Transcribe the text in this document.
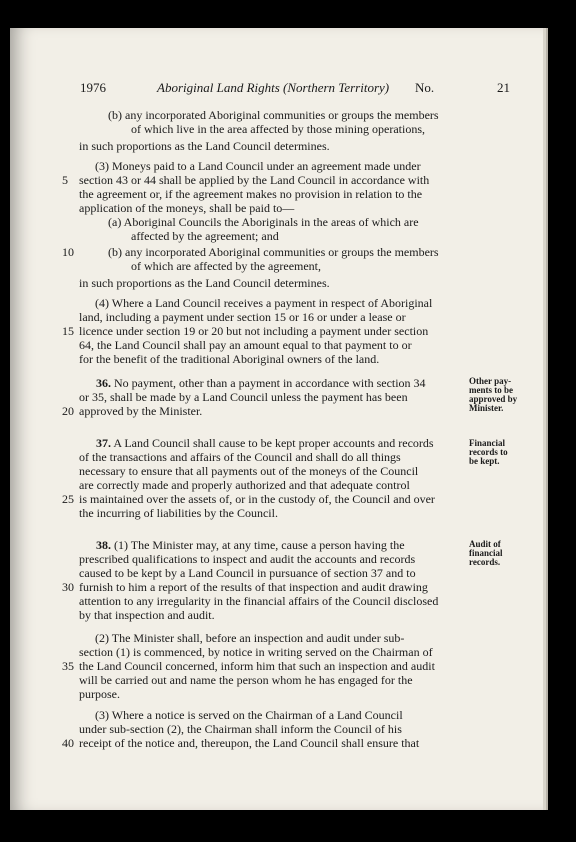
1976	Aboriginal Land Rights (Northern Territory) No.	21
(b) any incorporated Aboriginal communities or groups the members
of which live in the area affected by those mining operations,
in such proportions as the Land Council determines.
(3) Moneys paid to a Land Council under an agreement made under
section 43 or 44 shall be applied by the Land Council in accordance with
the agreement or, if the agreement makes no provision in relation to the
application of the moneys, shall be paid to—
(a) Aboriginal Councils the Aboriginals in the areas of which are
affected by the agreement; and
(b) any incorporated Aboriginal communities or groups the members
of which are affected by the agreement,
in such proportions as the Land Council determines.
(4) Where a Land Council receives a payment in respect of Aboriginal
land, including a payment under section 15 or 16 or under a lease or
licence under section 19 or 20 but not including a payment under section
64, the Land Council shall pay an amount equal to that payment to or
for the benefit of the traditional Aboriginal owners of the land.
36. No payment, other than a payment in accordance with section 34
or 35, shall be made by a Land Council unless the payment has been
approved by the Minister.
37. A Land Council shall cause to be kept proper accounts and records
of the transactions and affairs of the Council and shall do all things
necessary to ensure that all payments out of the moneys of the Council
are correctly made and properly authorized and that adequate control
is maintained over the assets of, or in the custody of, the Council and over
the incurring of liabilities by the Council.
38. (1) The Minister may, at any time, cause a person having the
prescribed qualifications to inspect and audit the accounts and records
caused to be kept by a Land Council in pursuance of section 37 and to
furnish to him a report of the results of that inspection and audit drawing
attention to any irregularity in the financial affairs of the Council disclosed
by that inspection and audit.
(2) The Minister shall, before an inspection and audit under sub-
section (1) is commenced, by notice in writing served on the Chairman of
the Land Council concerned, inform him that such an inspection and audit
will be carried out and name the person whom he has engaged for the
purpose.
(3) Where a notice is served on the Chairman of a Land Council
under sub-section (2), the Chairman shall inform the Council of his
receipt of the notice and, thereupon, the Land Council shall ensure that
5
10
15
20
25
30
35
40
Other pay-
ments to be
approved by
Minister.
Financial
records to
be kept.
Audit of
financial
records.
